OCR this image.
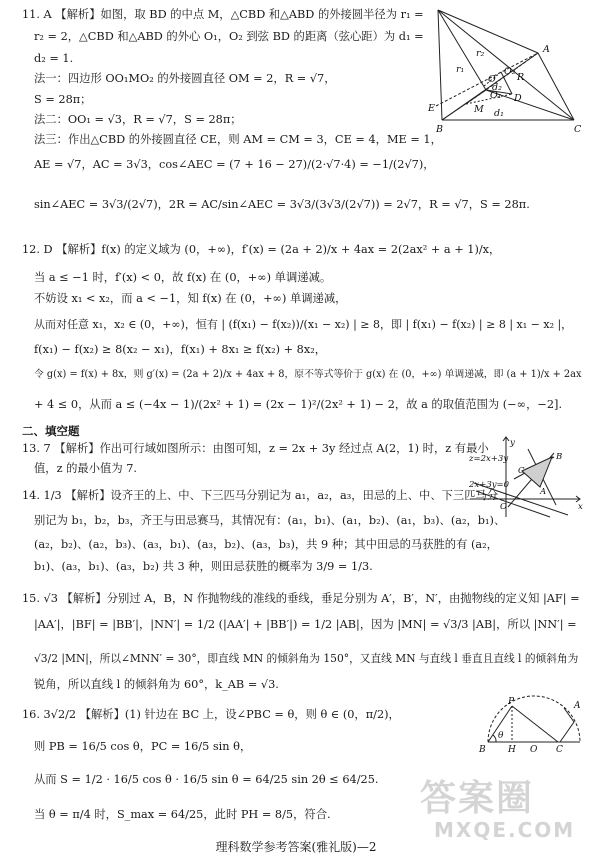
11. A 【解析】如图，取 BD 的中点 M，△CBD 和△ABD 的外接圆半径为 r₁ =
r₂ = 2，△CBD 和△ABD 的外心 O₁，O₂ 到弦 BD 的距离（弦心距）为 d₁ =
d₂ = 1.
法一：四边形 OO₁MO₂ 的外接圆直径 OM = 2，R = √7，
S = 28π；
法二：OO₁ = √3，R = √7，S = 28π；
法三：作出△CBD 的外接圆直径 CE，则 AM = CM = 3，CE = 4，ME = 1，
AE = √7，AC = 3√3，cos∠AEC = (7 + 16 − 27)/(2·√7·4) = −1/(2√7)，
sin∠AEC = 3√3/(2√7)，2R = AC/sin∠AEC = 3√3/(3√3/(2√7)) = 2√7，R = √7，S = 28π.
12. D 【解析】f(x) 的定义域为 (0，+∞)，f′(x) = (2a + 2)/x + 4ax = 2(2ax² + a + 1)/x，
当 a ≤ −1 时，f′(x) < 0，故 f(x) 在 (0，+∞) 单调递减。
不妨设 x₁ < x₂，而 a < −1，知 f(x) 在 (0，+∞) 单调递减，
从而对任意 x₁，x₂ ∈ (0，+∞)，恒有 | (f(x₁) − f(x₂))/(x₁ − x₂) | ≥ 8，即 | f(x₁) − f(x₂) | ≥ 8 | x₁ − x₂ |，
f(x₁) − f(x₂) ≥ 8(x₂ − x₁)，f(x₁) + 8x₁ ≥ f(x₂) + 8x₂，
令 g(x) = f(x) + 8x，则 g′(x) = (2a + 2)/x + 4ax + 8，原不等式等价于 g(x) 在 (0，+∞) 单调递减，即 (a + 1)/x + 2ax
+ 4 ≤ 0，从而 a ≤ (−4x − 1)/(2x² + 1) = (2x − 1)²/(2x² + 1) − 2，故 a 的取值范围为 (−∞，−2].
13. 7 【解析】作出可行域如图所示：由图可知，z = 2x + 3y 经过点 A(2，1) 时，z 有最小
值，z 的最小值为 7.
14. 1/3 【解析】设齐王的上、中、下三匹马分别记为 a₁，a₂，a₃，田忌的上、中、下三匹马分
别记为 b₁，b₂，b₃，齐王与田忌赛马，其情况有：(a₁，b₁)、(a₁，b₂)、(a₁，b₃)、(a₂，b₁)、
(a₂，b₂)、(a₂，b₃)、(a₃，b₁)、(a₃，b₂)、(a₃，b₃)，共 9 种；其中田忌的马获胜的有 (a₂，
b₁)、(a₃，b₁)、(a₃，b₂) 共 3 种，则田忌获胜的概率为 3/9 = 1/3.
15. √3 【解析】分别过 A，B，N 作抛物线的准线的垂线，垂足分别为 A′，B′，N′，由抛物线的定义知 |AF| =
|AA′|，|BF| = |BB′|，|NN′| = 1/2 (|AA′| + |BB′|) = 1/2 |AB|，因为 |MN| = √3/3 |AB|，所以 |NN′| =
√3/2 |MN|，所以∠MNN′ = 30°，即直线 MN 的倾斜角为 150°，又直线 MN 与直线 l 垂直且直线 l 的倾斜角为
锐角，所以直线 l 的倾斜角为 60°，k_AB = √3.
16. 3√2/2 【解析】(1) 针边在 BC 上，设∠PBC = θ，则 θ ∈ (0，π/2)，
则 PB = 16/5 cos θ，PC = 16/5 sin θ，
从而 S = 1/2 · 16/5 cos θ · 16/5 sin θ = 64/25 sin 2θ ≤ 64/25.
当 θ = π/4 时，S_max = 64/25，此时 PH = 8/5，符合.
二、填空题
E
B	C
A
D
O
O₁
O₂
M
R
r₁
r₂
d₁
d₂
y
x
O
A
B
C
z=2x+3y
2x+3y=0
P	A
B H O C
θ
答案圈
MXQE.COM
理科数学参考答案(雅礼版)—2
